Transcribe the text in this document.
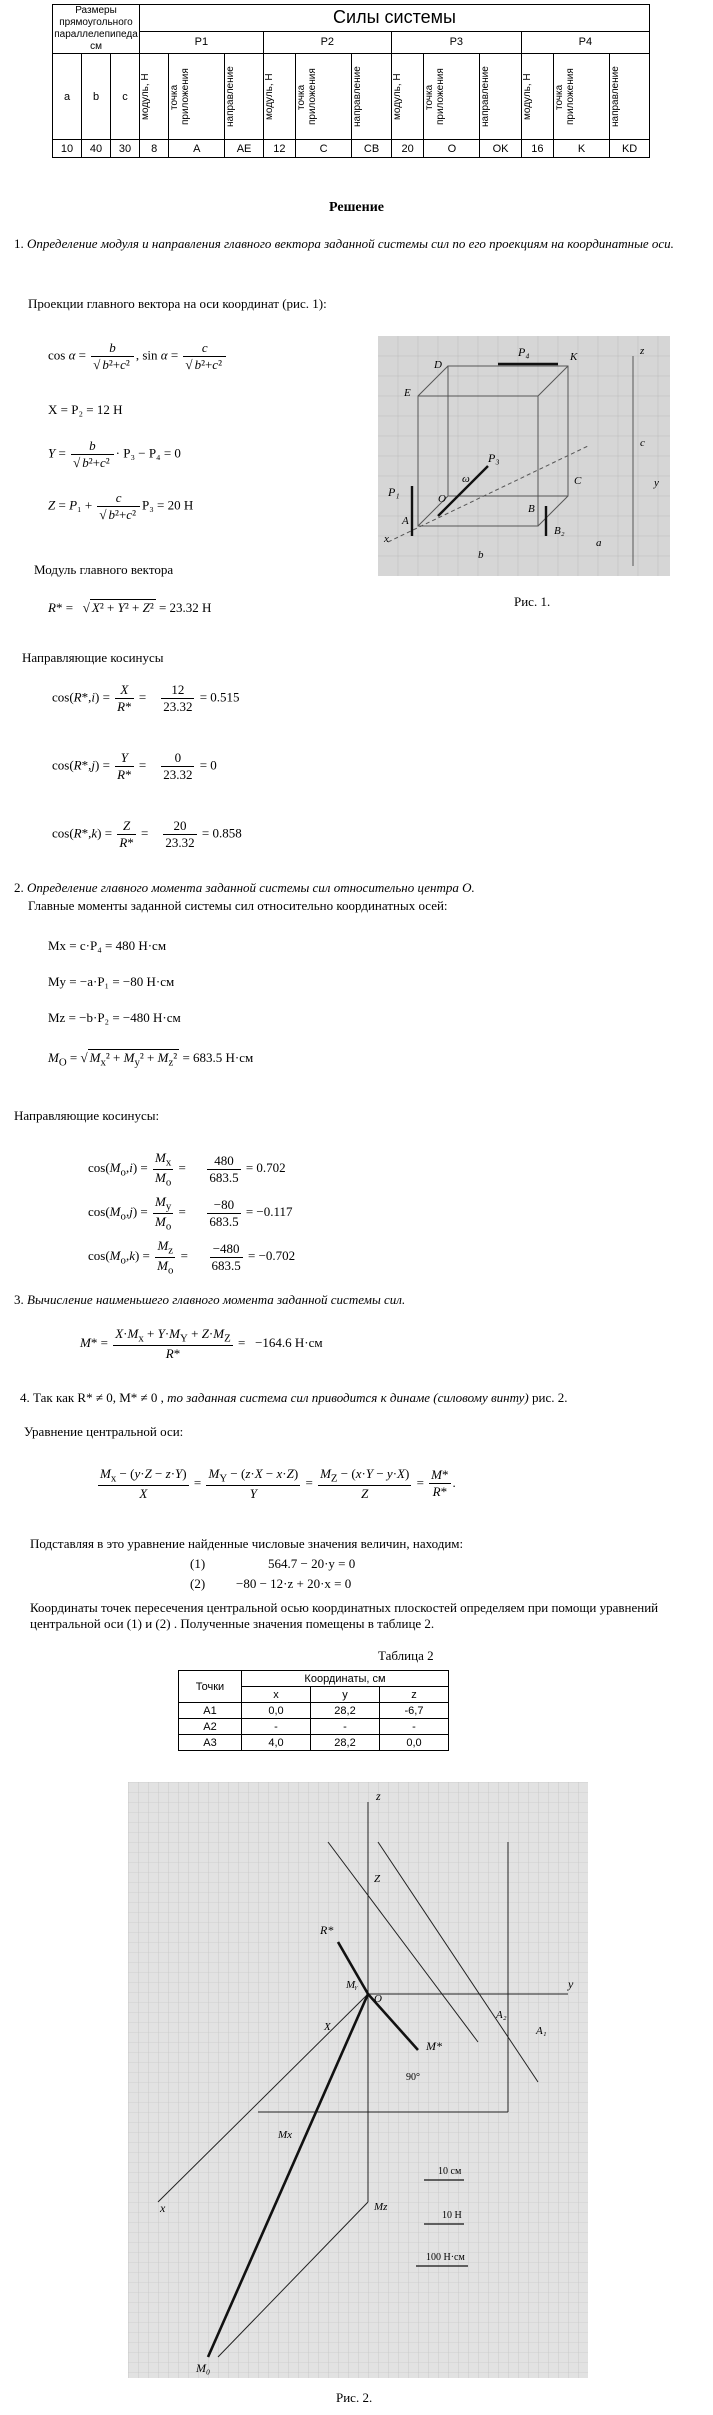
Размеры прямоугольного параллелепипеда см			Силы системы											
			P1			P2			P3			P4		
a	b	c	модуль, Н	точка приложения	направление	модуль, Н	точка приложения	направление	модуль, Н	точка приложения	направление	модуль, Н	точка приложения	направление

10	40	30	8	A	AE	12	C	CB	20	O	OK	16	K	KD
Решение
1. Определение модуля и направления главного вектора заданной системы сил по его проекциям на координатные оси.
Проекции главного вектора на оси координат (рис. 1):
$\cos \alpha = \frac{b}{\text{√ b²+c²}}$ , $\sin \alpha = \frac{c}{\text{√ b²+c²}}$
X = P₂ = 12 Н
$Y = \frac{b}{\text{√ b²+c²}} \cdot P_3 - P_4 = 0$
$Z = P_1 + \frac{c}{\text{√ b²+c²}} P_3 = 20$ Н
Модуль главного вектора
R* =   √ X² + Y² + Z² = 23.32 Н
Направляющие косинусы
$\cos(R*,i) = \frac{X}{R*} = \frac{12}{23.32} = 0.515$
$\cos(R*,j) = \frac{Y}{R*} = \frac{0}{23.32} = 0$
$\cos(R*,k) = \frac{Z}{R*} = \frac{20}{23.32} = 0.858$
P₄	K
D
E
z
c
y
B₂
B
C
P₃
P₁
A
O
x
b
a
ω
Рис. 1.
2. Определение главного момента заданной системы сил относительно центра O.
Главные моменты заданной системы сил относительно координатных осей:
Mx = c·P₄ = 480 Н·см
My = −a·P₁ = −80 Н·см
Mz = −b·P₂ = −480 Н·см
$M_O$ = √ $M_x^2 + M_y^2 + M_z^2 = 683.5$ Н·см
Направляющие косинусы:
$\cos(M_o,i) = \frac{M_x}{M_o} = \frac{480}{683.5} = 0.702$
$\cos(M_o,j) = \frac{M_y}{M_o} = \frac{-80}{683.5} = -0.117$
$\cos(M_o,k) = \frac{M_z}{M_o} = \frac{-480}{683.5} = -0.702$
3. Вычисление наименьшего главного момента заданной системы сил.
$M* = \frac{X\cdot M_x + Y\cdot M_Y + Z\cdot M_Z}{R*} = -164.6$ Н·см
4. Так как R* ≠ 0, M* ≠ 0 , то заданная система сил приводится к динаме (силовому винту) рис. 2.
Уравнение центральной оси:
$\frac{M_x - (y\cdot Z - z\cdot Y)}{X} = \frac{M_Y - (z\cdot X - x\cdot Z)}{Y} = \frac{M_Z - (x\cdot Y - y\cdot X)}{Z} = \frac{M*}{R*}$ .
Подставляя в это уравнение найденные числовые значения величин, находим:
(1)	564.7 − 20·y = 0
(2) −80 − 12·z + 20·x = 0
Координаты точек пересечения центральной осью координатных плоскостей определяем при помощи уравнений центральной оси (1) и (2) . Полученные значения помещены в таблице 2.
Таблица 2
Точки	Координаты, см		
	x	y	z
A1	0,0	28,2	-6,7
A2	-	-	-
A3	4,0	28,2	0,0
z
Z
R*
Mᵧ
O
y
A₂
A₁
M*
90°
X
Mx
Mz
x
M₀
10 см
10 Н
100 Н·см
Рис. 2.
